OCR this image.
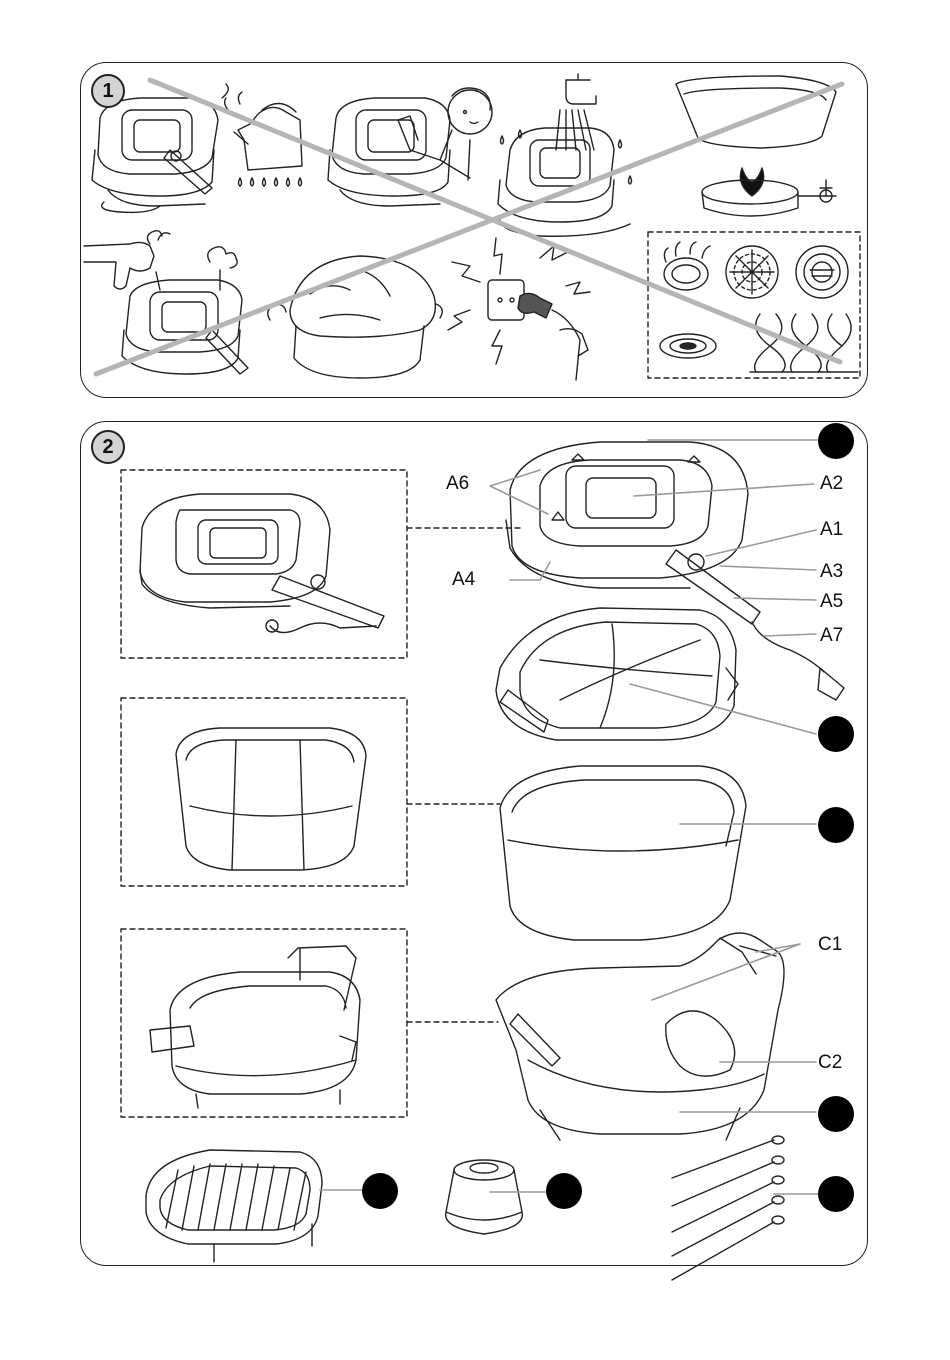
1
2
A6	A2
A1
A3
A4
A5
A7
C1
C2
